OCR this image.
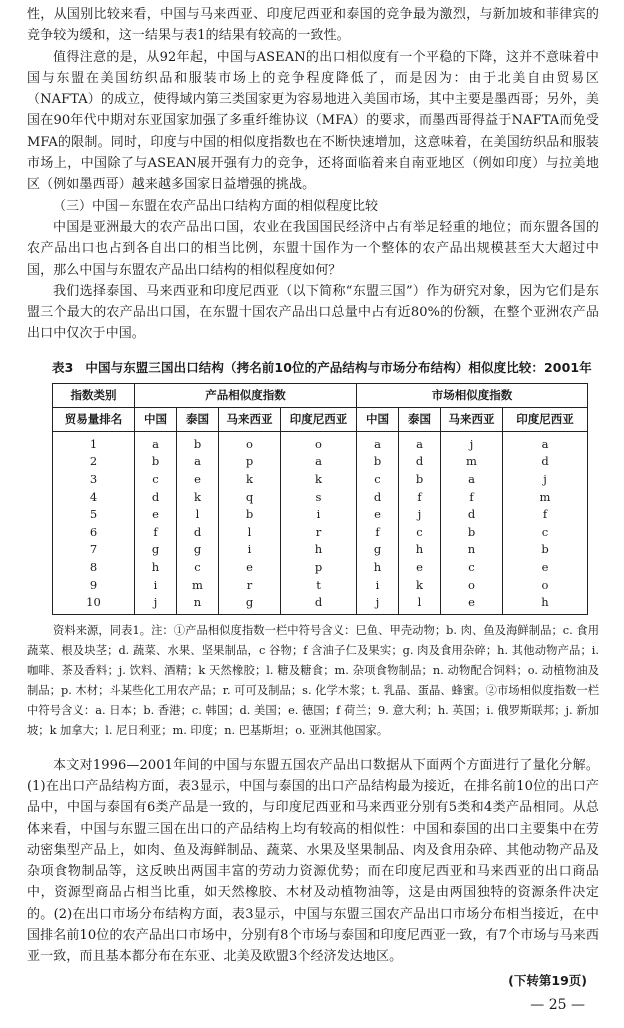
性，从国别比较来看，中国与马来西亚、印度尼西亚和泰国的竞争最为激烈，与新加坡和菲律宾的竞争较为缓和，这一结果与表1的结果有较高的一致性。

值得注意的是，从92年起，中国与ASEAN的出口相似度有一个平稳的下降，这并不意味着中国与东盟在美国纺织品和服装市场上的竞争程度降低了，而是因为：由于北美自由贸易区（NAFTA）的成立，使得域内第三类国家更为容易地进入美国市场，其中主要是墨西哥；另外，美国在90年代中期对东亚国家加强了多重纤维协议（MFA）的要求，而墨西哥得益于NAFTA而免受MFA的限制。同时，印度与中国的相似度指数也在不断快速增加，这意味着，在美国纺织品和服装市场上，中国除了与ASEAN展开强有力的竞争，还将面临着来自南亚地区（例如印度）与拉美地区（例如墨西哥）越来越多国家日益增强的挑战。

（三）中国－东盟在农产品出口结构方面的相似程度比较

中国是亚洲最大的农产品出口国，农业在我国国民经济中占有举足轻重的地位；而东盟各国的农产品出口也占到各自出口的相当比例，东盟十国作为一个整体的农产品出规模甚至大大超过中国，那么中国与东盟农产品出口结构的相似程度如何？

我们选择泰国、马来西亚和印度尼西亚（以下简称“东盟三国”）作为研究对象，因为它们是东盟三个最大的农产品出口国，在东盟十国农产品出口总量中占有近80%的份额，在整个亚洲农产品出口中仅次于中国。

表3 中国与东盟三国出口结构（拷名前10位的产品结构与市场分布结构）相似度比较：2001年
指数类别	产品相似度指数				市场相似度指数			
贸易量排名	中国	泰国	马来西亚	印度尼西亚	中国	泰国	马来西亚	印度尼西亚
1	a	b	o	o	a	a	j	a
2	b	a	p	a	b	d	m	d
3	c	e	k	k	c	b	a	j
4	d	k	q	s	d	f	f	m
5	e	l	b	i	e	j	d	f
6	f	d	l	r	f	c	b	c
7	g	g	i	h	g	h	n	b
8	h	c	e	p	h	e	c	e
9	i	m	r	t	i	k	o	o
10	j	n	g	d	j	l	e	h

资料来源，同表1。注：①产品相似度指数一栏中符号含义：巳鱼、甲壳动物；b. 肉、鱼及海鲜制品；c. 食用蔬菜、根及块茎；d. 蔬菜、水果、坚果制品，c 谷物；f 含油子仁及果实；g. 肉及食用杂碎；h. 其他动物产品；i. 咖啡、茶及香料；j. 饮料、酒精；k 天然橡胶；l. 糖及糖食；m. 杂项食物制品；n. 动物配合饲料；o. 动植物油及制品；p. 木材；斗某些化工用农产品；r. 可可及制品；s. 化学木浆；t. 乳晶、蛋晶、蜂蜜。②市场相似度指数一栏中符号含义：a. 日本；b. 香港；c. 韩国；d. 美国；e. 德国；f 荷兰；9. 意大利；h. 英国；i. 俄罗斯联邦；j. 新加坡；k 加拿大；l. 尼日利亚；m. 印度；n. 巴基斯坦；o. 亚洲其他国家。

本文对1996—2001年间的中国与东盟五国农产品出口数据从下面两个方面进行了量化分解。(1)在出口产品结构方面，表3显示，中国与泰国的出口产品结构最为接近，在排名前10位的出口产品中，中国与泰国有6类产品是一致的，与印度尼西亚和马来西亚分别有5类和4类产品相同。从总体来看，中国与东盟三国在出口的产品结构上均有较高的相似性：中国和泰国的出口主要集中在劳动密集型产品上，如肉、鱼及海鲜制品、蔬菜、水果及坚果制品、肉及食用杂碎、其他动物产品及杂项食物制品等，这反映出两国丰富的劳动力资源优势；而在印度尼西亚和马来西亚的出口商品中，资源型商品占相当比重，如天然橡胶、木材及动植物油等，这是由两国独特的资源条件决定的。(2)在出口市场分布结构方面，表3显示，中国与东盟三国农产品出口市场分布相当接近，在中国排名前10位的农产品出口市场中，分别有8个市场与泰国和印度尼西亚一致，有7个市场与马来西亚一致，而且基本都分布在东亚、北美及欧盟3个经济发达地区。

(下转第19页)
— 25 —
